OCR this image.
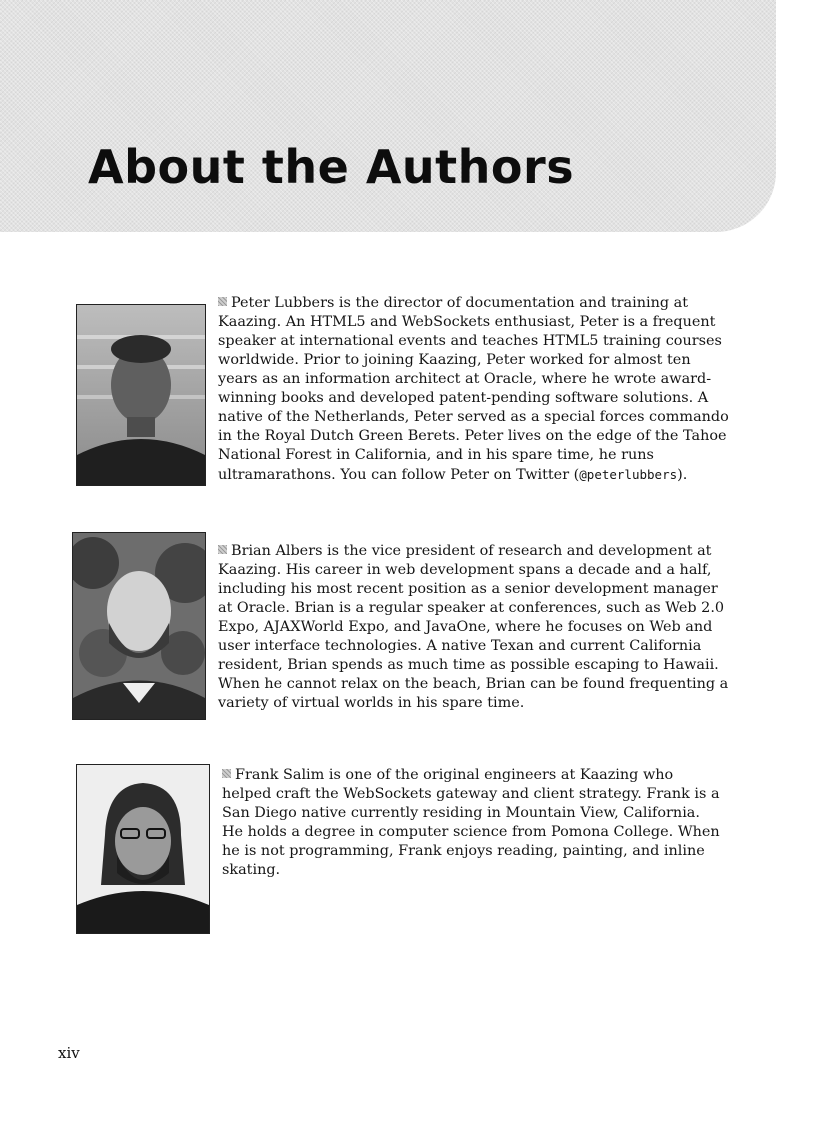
About the Authors

Peter Lubbers is the director of documentation and training at Kaazing. An HTML5 and WebSockets enthusiast, Peter is a frequent speaker at international events and teaches HTML5 training courses worldwide. Prior to joining Kaazing, Peter worked for almost ten years as an information architect at Oracle, where he wrote award-winning books and developed patent-pending software solutions. A native of the Netherlands, Peter served as a special forces commando in the Royal Dutch Green Berets. Peter lives on the edge of the Tahoe National Forest in California, and in his spare time, he runs ultramarathons. You can follow Peter on Twitter (@peterlubbers).

Brian Albers is the vice president of research and development at Kaazing. His career in web development spans a decade and a half, including his most recent position as a senior development manager at Oracle. Brian is a regular speaker at conferences, such as Web 2.0 Expo, AJAXWorld Expo, and JavaOne, where he focuses on Web and user interface technologies. A native Texan and current California resident, Brian spends as much time as possible escaping to Hawaii. When he cannot relax on the beach, Brian can be found frequenting a variety of virtual worlds in his spare time.

Frank Salim is one of the original engineers at Kaazing who helped craft the WebSockets gateway and client strategy. Frank is a San Diego native currently residing in Mountain View, California. He holds a degree in computer science from Pomona College. When he is not programming, Frank enjoys reading, painting, and inline skating.

xiv
